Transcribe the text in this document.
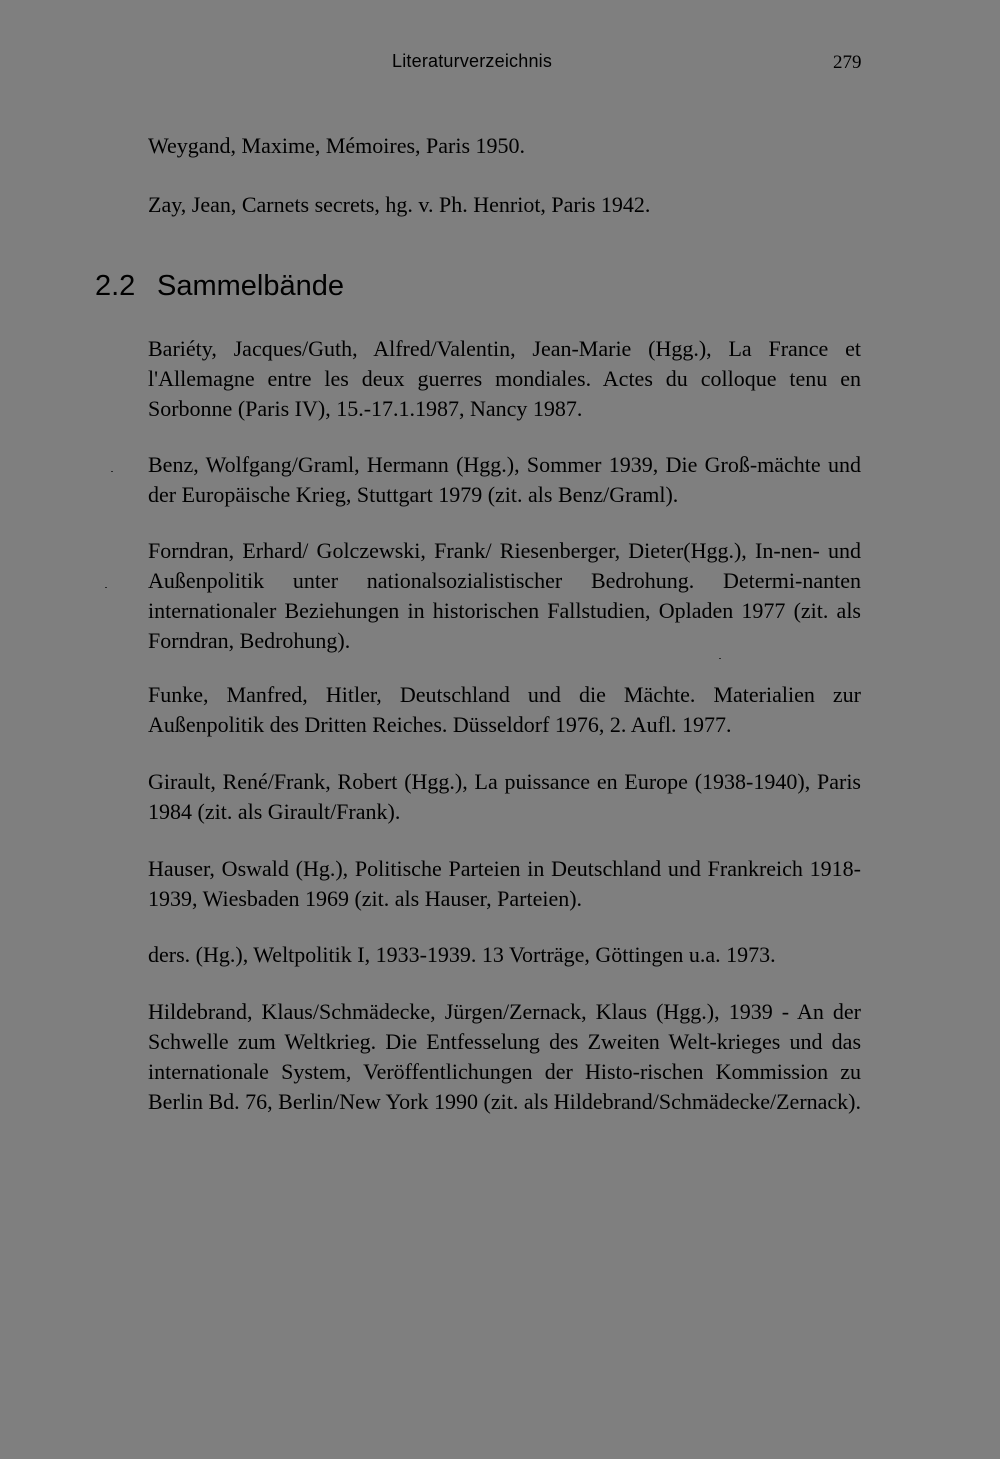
Literaturverzeichnis	279
Weygand, Maxime, Mémoires, Paris 1950.
Zay, Jean, Carnets secrets, hg. v. Ph. Henriot, Paris 1942.
2.2 Sammelbände
Bariéty, Jacques/Guth, Alfred/Valentin, Jean-Marie (Hgg.), La France et l'Allemagne entre les deux guerres mondiales. Actes du colloque tenu en Sorbonne (Paris IV), 15.-17.1.1987, Nancy 1987.
Benz, Wolfgang/Graml, Hermann (Hgg.), Sommer 1939, Die Groß-mächte und der Europäische Krieg, Stuttgart 1979 (zit. als Benz/Graml).
Forndran, Erhard/ Golczewski, Frank/ Riesenberger, Dieter(Hgg.), In-nen- und Außenpolitik unter nationalsozialistischer Bedrohung. Determi-nanten internationaler Beziehungen in historischen Fallstudien, Opladen 1977 (zit. als Forndran, Bedrohung).
Funke, Manfred, Hitler, Deutschland und die Mächte. Materialien zur Außenpolitik des Dritten Reiches. Düsseldorf 1976, 2. Aufl. 1977.
Girault, René/Frank, Robert (Hgg.), La puissance en Europe (1938-1940), Paris 1984 (zit. als Girault/Frank).
Hauser, Oswald (Hg.), Politische Parteien in Deutschland und Frankreich 1918-1939, Wiesbaden 1969 (zit. als Hauser, Parteien).
ders. (Hg.), Weltpolitik I, 1933-1939. 13 Vorträge, Göttingen u.a. 1973.
Hildebrand, Klaus/Schmädecke, Jürgen/Zernack, Klaus (Hgg.), 1939 - An der Schwelle zum Weltkrieg. Die Entfesselung des Zweiten Welt-krieges und das internationale System, Veröffentlichungen der Histo-rischen Kommission zu Berlin Bd. 76, Berlin/New York 1990 (zit. als Hildebrand/Schmädecke/Zernack).
